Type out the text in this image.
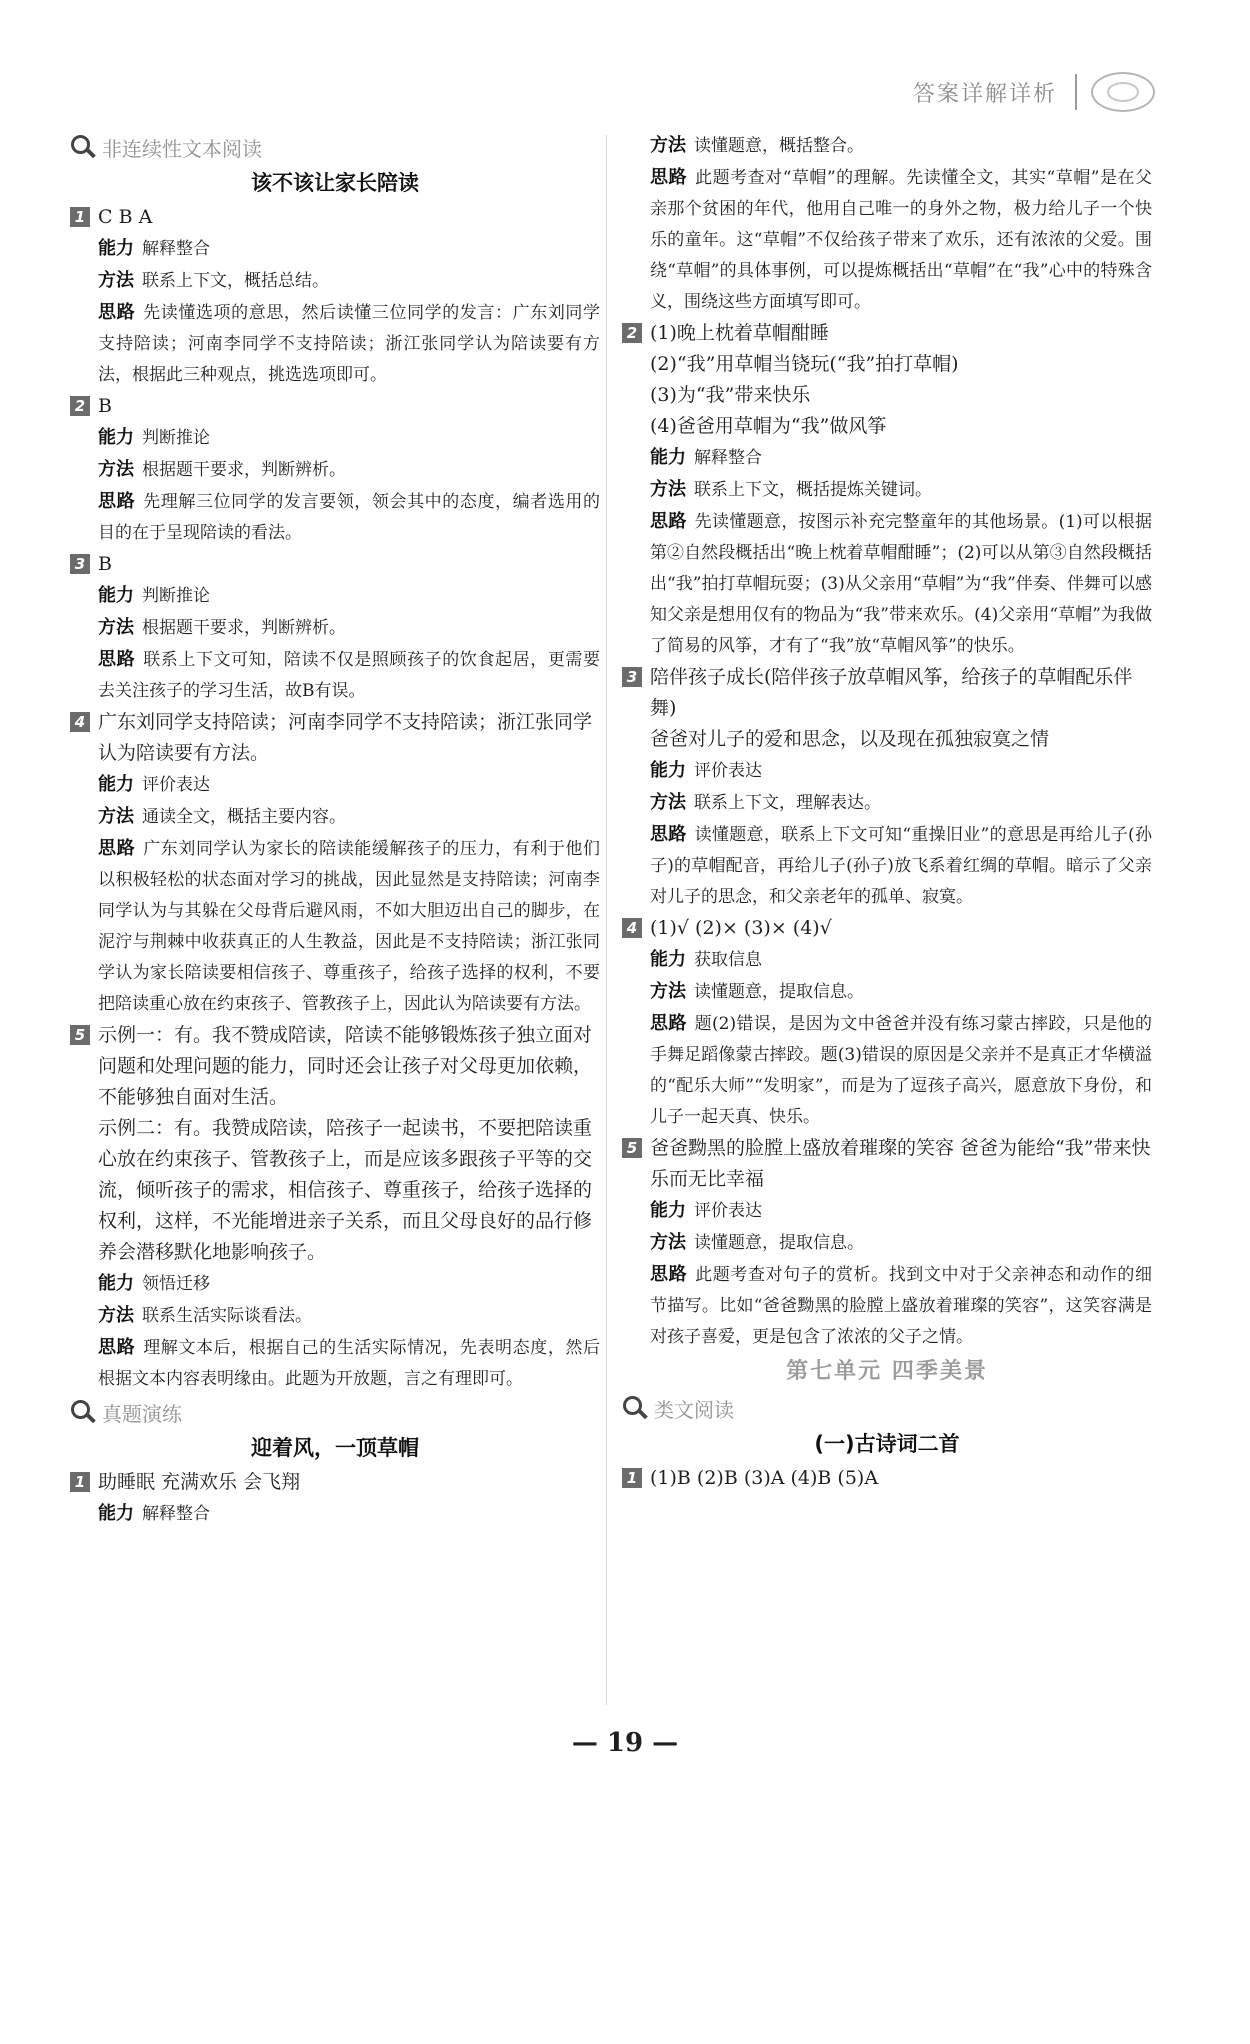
答案详解详析
非连续性文本阅读
该不该让家长陪读
1 C B A
能力 解释整合
方法 联系上下文，概括总结。
思路 先读懂选项的意思，然后读懂三位同学的发言：广东刘同学支持陪读；河南李同学不支持陪读；浙江张同学认为陪读要有方法，根据此三种观点，挑选选项即可。
2 B
能力 判断推论
方法 根据题干要求，判断辨析。
思路 先理解三位同学的发言要领，领会其中的态度，编者选用的目的在于呈现陪读的看法。
3 B
能力 判断推论
方法 根据题干要求，判断辨析。
思路 联系上下文可知，陪读不仅是照顾孩子的饮食起居，更需要去关注孩子的学习生活，故B有误。
4 广东刘同学支持陪读；河南李同学不支持陪读；浙江张同学认为陪读要有方法。
能力 评价表达
方法 通读全文，概括主要内容。
思路 广东刘同学认为家长的陪读能缓解孩子的压力，有利于他们以积极轻松的状态面对学习的挑战，因此显然是支持陪读；河南李同学认为与其躲在父母背后避风雨，不如大胆迈出自己的脚步，在泥泞与荆棘中收获真正的人生教益，因此是不支持陪读；浙江张同学认为家长陪读要相信孩子、尊重孩子，给孩子选择的权利，不要把陪读重心放在约束孩子、管教孩子上，因此认为陪读要有方法。
5 示例一：有。我不赞成陪读，陪读不能够锻炼孩子独立面对问题和处理问题的能力，同时还会让孩子对父母更加依赖，不能够独自面对生活。
示例二：有。我赞成陪读，陪孩子一起读书，不要把陪读重心放在约束孩子、管教孩子上，而是应该多跟孩子平等的交流，倾听孩子的需求，相信孩子、尊重孩子，给孩子选择的权利，这样，不光能增进亲子关系，而且父母良好的品行修养会潜移默化地影响孩子。
能力 领悟迁移
方法 联系生活实际谈看法。
思路 理解文本后，根据自己的生活实际情况，先表明态度，然后根据文本内容表明缘由。此题为开放题，言之有理即可。
真题演练
迎着风，一顶草帽
1 助睡眠 充满欢乐 会飞翔
能力 解释整合
方法 读懂题意，概括整合。
思路 此题考查对“草帽”的理解。先读懂全文，其实“草帽”是在父亲那个贫困的年代，他用自己唯一的身外之物，极力给儿子一个快乐的童年。这“草帽”不仅给孩子带来了欢乐，还有浓浓的父爱。围绕“草帽”的具体事例，可以提炼概括出“草帽”在“我”心中的特殊含义，围绕这些方面填写即可。
2 (1)晚上枕着草帽酣睡
(2)“我”用草帽当铙玩(“我”拍打草帽)
(3)为“我”带来快乐
(4)爸爸用草帽为“我”做风筝
能力 解释整合
方法 联系上下文，概括提炼关键词。
思路 先读懂题意，按图示补充完整童年的其他场景。(1)可以根据第②自然段概括出“晚上枕着草帽酣睡”；(2)可以从第③自然段概括出“我”拍打草帽玩耍；(3)从父亲用“草帽”为“我”伴奏、伴舞可以感知父亲是想用仅有的物品为“我”带来欢乐。(4)父亲用“草帽”为我做了简易的风筝，才有了“我”放“草帽风筝”的快乐。
3 陪伴孩子成长(陪伴孩子放草帽风筝，给孩子的草帽配乐伴舞)
爸爸对儿子的爱和思念，以及现在孤独寂寞之情
能力 评价表达
方法 联系上下文，理解表达。
思路 读懂题意，联系上下文可知“重操旧业”的意思是再给儿子(孙子)的草帽配音，再给儿子(孙子)放飞系着红绸的草帽。暗示了父亲对儿子的思念，和父亲老年的孤单、寂寞。
4 (1)√ (2)× (3)× (4)√
能力 获取信息
方法 读懂题意，提取信息。
思路 题(2)错误，是因为文中爸爸并没有练习蒙古摔跤，只是他的手舞足蹈像蒙古摔跤。题(3)错误的原因是父亲并不是真正才华横溢的“配乐大师”“发明家”，而是为了逗孩子高兴，愿意放下身份，和儿子一起天真、快乐。
5 爸爸黝黑的脸膛上盛放着璀璨的笑容 爸爸为能给“我”带来快乐而无比幸福
能力 评价表达
方法 读懂题意，提取信息。
思路 此题考查对句子的赏析。找到文中对于父亲神态和动作的细节描写。比如“爸爸黝黑的脸膛上盛放着璀璨的笑容”，这笑容满是对孩子喜爱，更是包含了浓浓的父子之情。
第七单元 四季美景
类文阅读
(一)古诗词二首
1 (1)B (2)B (3)A (4)B (5)A
— 19 —
